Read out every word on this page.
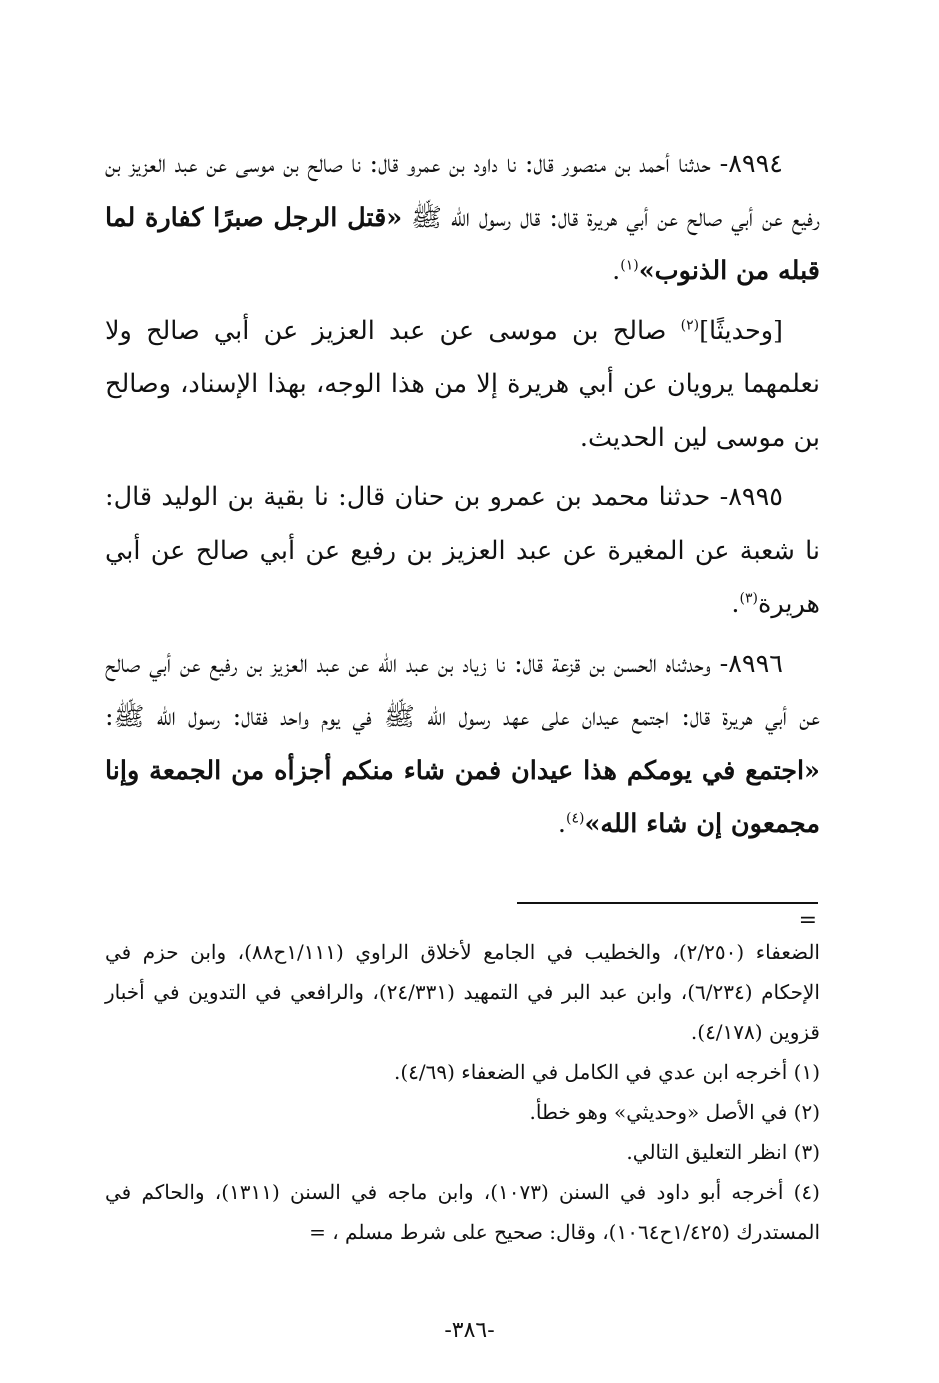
٨٩٩٤- حدثنا أحمد بن منصور قال: نا داود بن عمرو قال: نا صالح بن موسى عن عبد العزيز بن رفيع عن أبي صالح عن أبي هريرة قال: قال رسول الله ﷺ «قتل الرجل صبرًا كفارة لما قبله من الذنوب»$^{(١)}$.

[وحديثًا]$^{(٢)}$ صالح بن موسى عن عبد العزيز عن أبي صالح ولا نعلمهما يرويان عن أبي هريرة إلا من هذا الوجه، بهذا الإسناد، وصالح بن موسى لين الحديث.

٨٩٩٥- حدثنا محمد بن عمرو بن حنان قال: نا بقية بن الوليد قال: نا شعبة عن المغيرة عن عبد العزيز بن رفيع عن أبي صالح عن أبي هريرة$^{(٣)}$.

٨٩٩٦- وحدثناه الحسن بن قزعة قال: نا زياد بن عبد الله عن عبد العزيز بن رفيع عن أبي صالح عن أبي هريرة قال: اجتمع عيدان على عهد رسول الله ﷺ في يوم واحد فقال: رسول الله ﷺ: «اجتمع في يومكم هذا عيدان فمن شاء منكم أجزأه من الجمعة وإنا مجمعون إن شاء الله»$^{(٤)}$.

=

الضعفاء (٢/٢٥٠)، والخطيب في الجامع لأخلاق الراوي (١/١١١ح٨٨)، وابن حزم في الإحكام (٦/٢٣٤)، وابن عبد البر في التمهيد (٢٤/٣٣١)، والرافعي في التدوين في أخبار قزوين (٤/١٧٨).

(١) أخرجه ابن عدي في الكامل في الضعفاء (٤/٦٩).

(٢) في الأصل «وحديثي» وهو خطأ.

(٣) انظر التعليق التالي.

(٤) أخرجه أبو داود في السنن (١٠٧٣)، وابن ماجه في السنن (١٣١١)، والحاكم في المستدرك (١/٤٢٥ح١٠٦٤)، وقال: صحيح على شرط مسلم ، =

-٣٨٦-
